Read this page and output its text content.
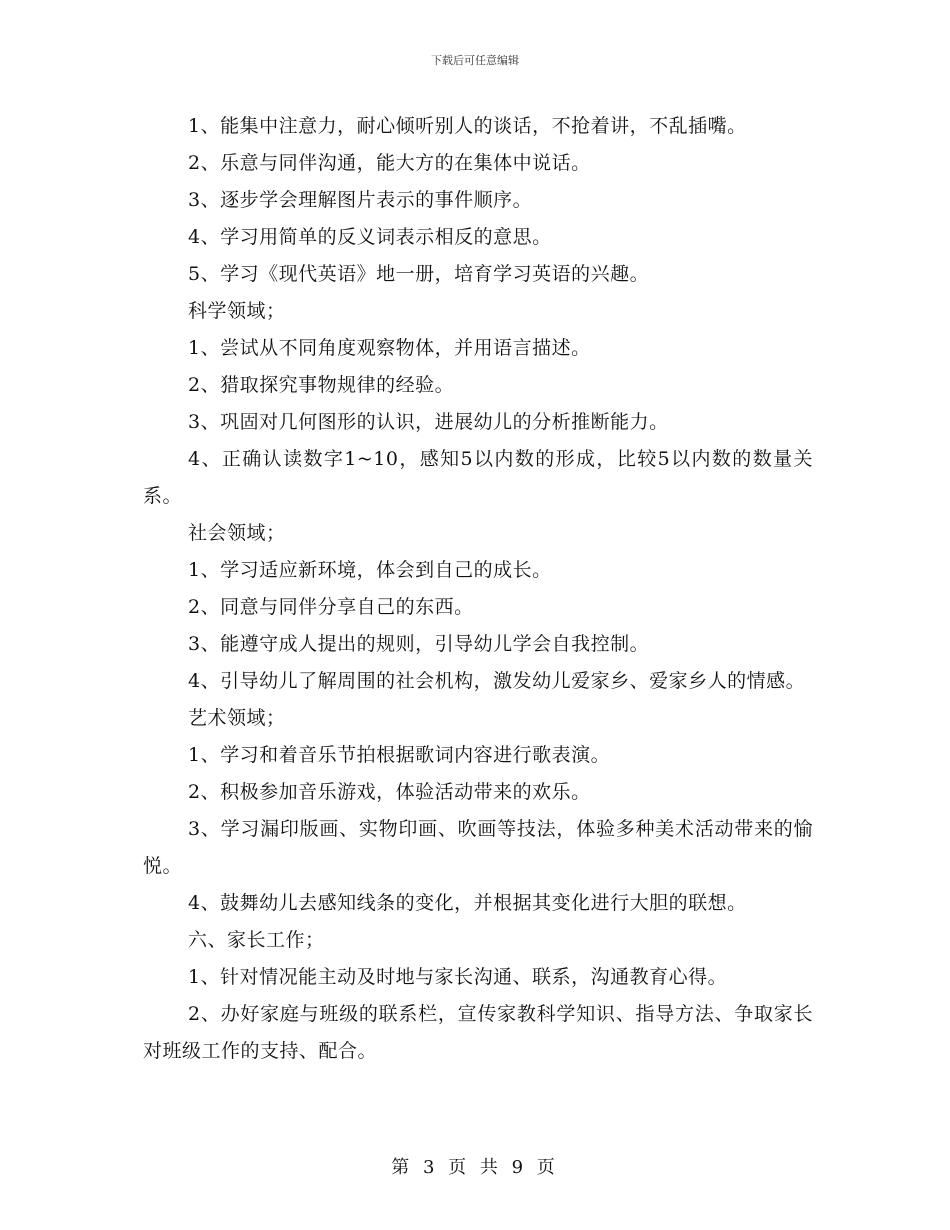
下载后可任意编辑

1、能集中注意力，耐心倾听别人的谈话，不抢着讲，不乱插嘴。

2、乐意与同伴沟通，能大方的在集体中说话。

3、逐步学会理解图片表示的事件顺序。

4、学习用简单的反义词表示相反的意思。

5、学习《现代英语》地一册，培育学习英语的兴趣。

科学领域；

1、尝试从不同角度观察物体，并用语言描述。

2、猎取探究事物规律的经验。

3、巩固对几何图形的认识，进展幼儿的分析推断能力。

4、正确认读数字1~10，感知5以内数的形成，比较5以内数的数量关系。

社会领域；

1、学习适应新环境，体会到自己的成长。

2、同意与同伴分享自己的东西。

3、能遵守成人提出的规则，引导幼儿学会自我控制。

4、引导幼儿了解周围的社会机构，激发幼儿爱家乡、爱家乡人的情感。

艺术领域；

1、学习和着音乐节拍根据歌词内容进行歌表演。

2、积极参加音乐游戏，体验活动带来的欢乐。

3、学习漏印版画、实物印画、吹画等技法，体验多种美术活动带来的愉悦。

4、鼓舞幼儿去感知线条的变化，并根据其变化进行大胆的联想。

六、家长工作；

1、针对情况能主动及时地与家长沟通、联系，沟通教育心得。

2、办好家庭与班级的联系栏，宣传家教科学知识、指导方法、争取家长对班级工作的支持、配合。

第 3 页 共 9 页
